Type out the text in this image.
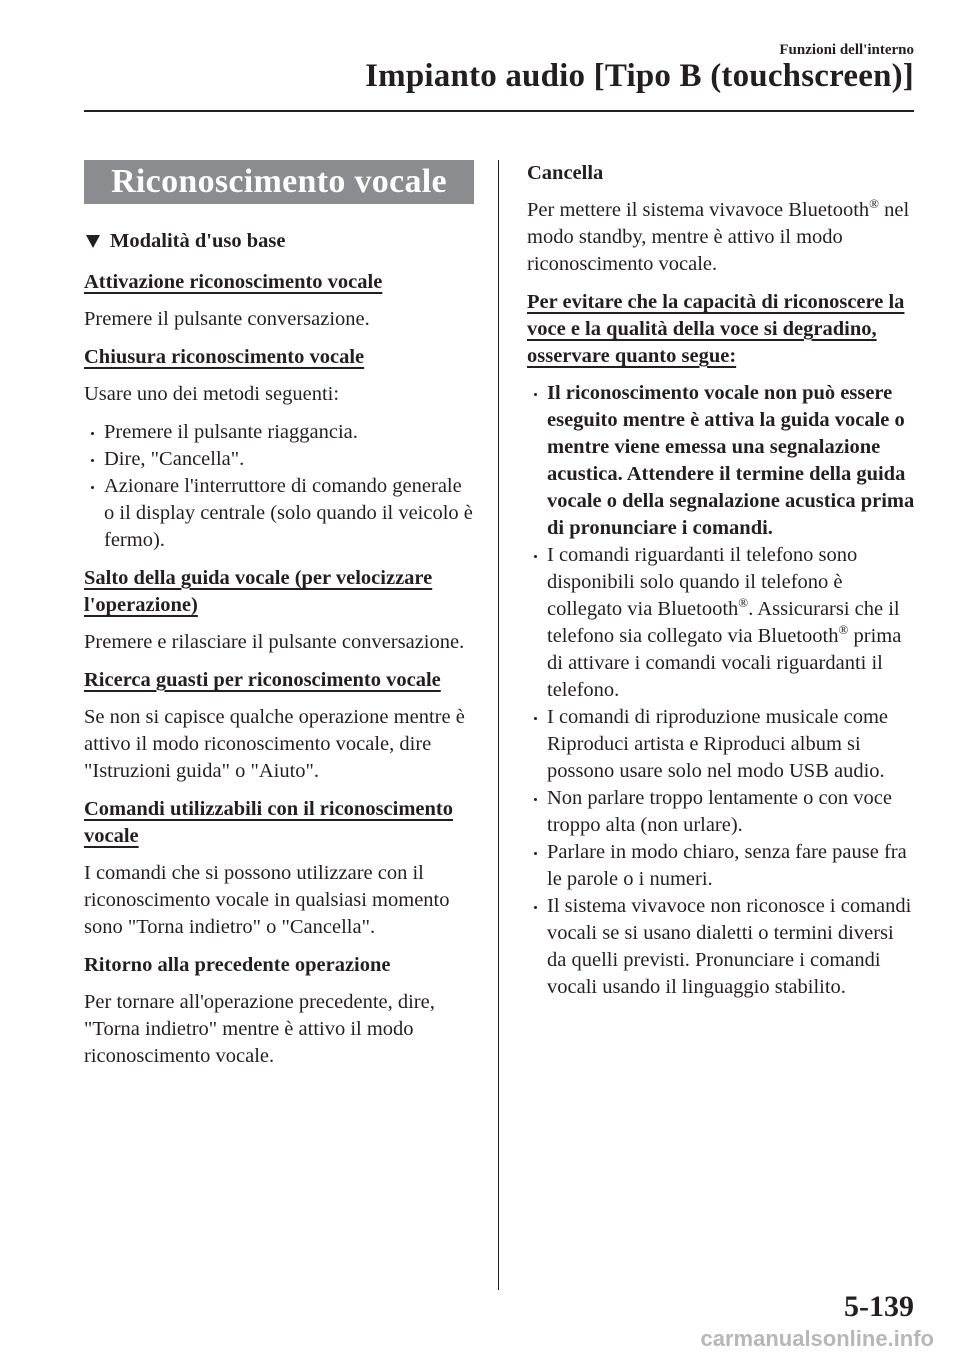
Funzioni dell'interno
Impianto audio [Tipo B (touchscreen)]
Riconoscimento vocale
Modalità d'uso base
Attivazione riconoscimento vocale

Premere il pulsante conversazione.

Chiusura riconoscimento vocale

Usare uno dei metodi seguenti:

Premere il pulsante riaggancia.
Dire, "Cancella".
Azionare l'interruttore di comando generale o il display centrale (solo quando il veicolo è fermo).
Salto della guida vocale (per velocizzare l'operazione)

Premere e rilasciare il pulsante conversazione.

Ricerca guasti per riconoscimento vocale

Se non si capisce qualche operazione mentre è attivo il modo riconoscimento vocale, dire "Istruzioni guida" o "Aiuto".

Comandi utilizzabili con il riconoscimento vocale

I comandi che si possono utilizzare con il riconoscimento vocale in qualsiasi momento sono "Torna indietro" o "Cancella".

Ritorno alla precedente operazione

Per tornare all'operazione precedente, dire, "Torna indietro" mentre è attivo il modo riconoscimento vocale.

Cancella

Per mettere il sistema vivavoce Bluetooth® nel modo standby, mentre è attivo il modo riconoscimento vocale.

Per evitare che la capacità di riconoscere la voce e la qualità della voce si degradino, osservare quanto segue:
Il riconoscimento vocale non può essere eseguito mentre è attiva la guida vocale o mentre viene emessa una segnalazione acustica. Attendere il termine della guida vocale o della segnalazione acustica prima di pronunciare i comandi.
I comandi riguardanti il telefono sono disponibili solo quando il telefono è collegato via Bluetooth®. Assicurarsi che il telefono sia collegato via Bluetooth® prima di attivare i comandi vocali riguardanti il telefono.
I comandi di riproduzione musicale come Riproduci artista e Riproduci album si possono usare solo nel modo USB audio.
Non parlare troppo lentamente o con voce troppo alta (non urlare).
Parlare in modo chiaro, senza fare pause fra le parole o i numeri.
Il sistema vivavoce non riconosce i comandi vocali se si usano dialetti o termini diversi da quelli previsti. Pronunciare i comandi vocali usando il linguaggio stabilito.
5-139
carmanualsonline.info
